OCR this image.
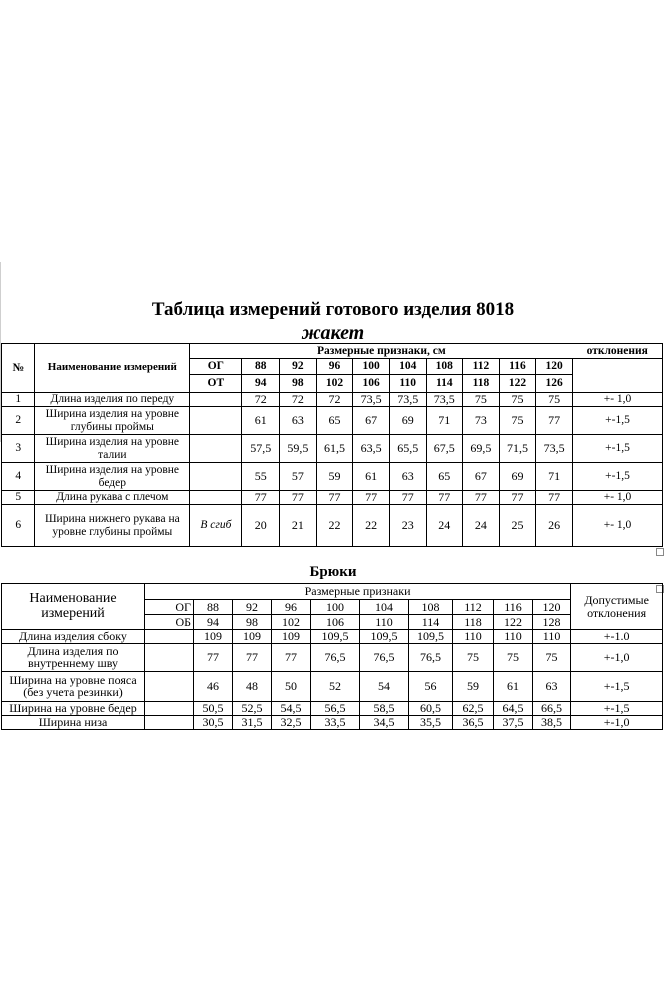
Таблица измерений готового изделия 8018
жакет
№	Наименование измерений	Размерные признаки, см										отклонения
		ОГ	88	92	96	100	104	108	112	116	120	
		ОТ	94	98	102	106	110	114	118	122	126	
1	Длина изделия по переду		72	72	72	73,5	73,5	73,5	75	75	75	+- 1,0
2	Ширина изделия на уровне глубины проймы		61	63	65	67	69	71	73	75	77	+-1,5
3	Ширина изделия на уровне талии		57,5	59,5	61,5	63,5	65,5	67,5	69,5	71,5	73,5	+-1,5
4	Ширина изделия на уровне бедер		55	57	59	61	63	65	67	69	71	+-1,5
5	Длина рукава с плечом		77	77	77	77	77	77	77	77	77	+- 1,0
6	Ширина нижнего рукава на уровне глубины проймы	В сгиб	20	21	22	22	23	24	24	25	26	+- 1,0
Брюки
Наименование измерений	Размерные признаки										Допустимые отклонения
	ОГ	88	92	96	100	104	108	112	116	120	
	ОБ	94	98	102	106	110	114	118	122	128	
Длина изделия сбоку		109	109	109	109,5	109,5	109,5	110	110	110	+-1.0
Длина изделия по внутреннему шву		77	77	77	76,5	76,5	76,5	75	75	75	+-1,0
Ширина на уровне пояса (без учета резинки)		46	48	50	52	54	56	59	61	63	+-1,5
Ширина на уровне бедер		50,5	52,5	54,5	56,5	58,5	60,5	62,5	64,5	66,5	+-1,5
Ширина низа		30,5	31,5	32,5	33,5	34,5	35,5	36,5	37,5	38,5	+-1,0
